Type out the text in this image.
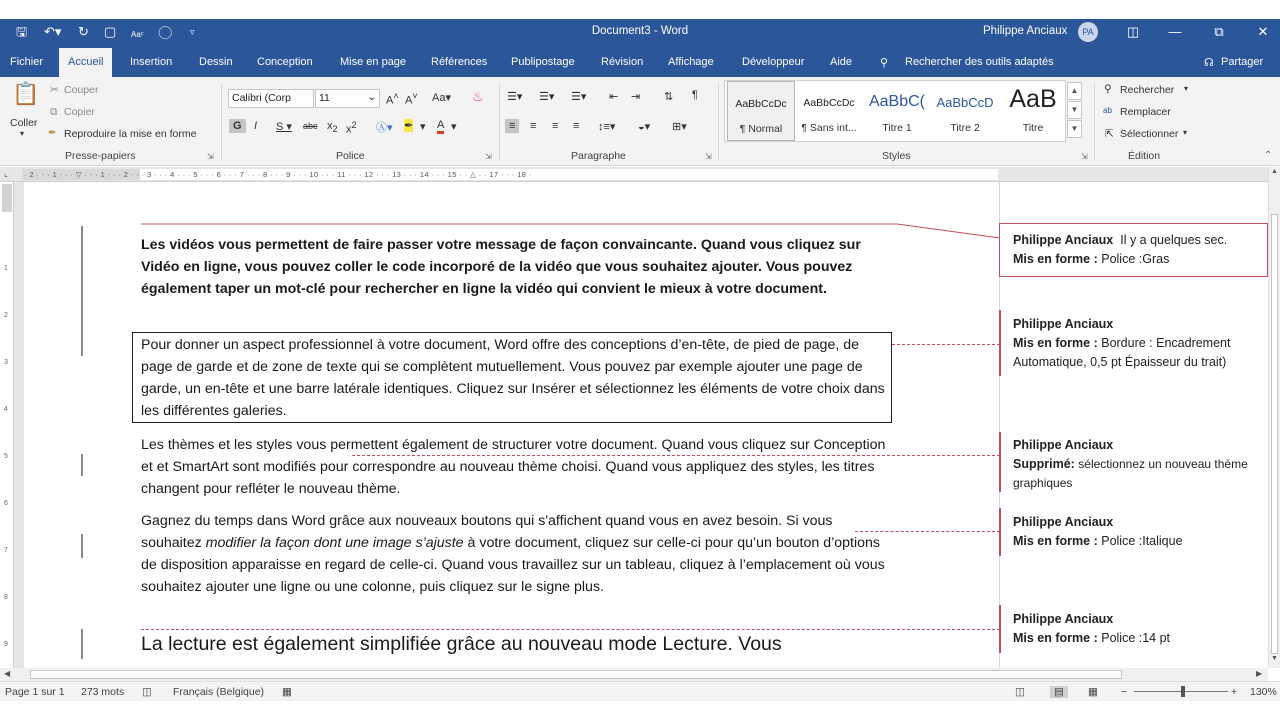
🖫 ↶▾ ↻ ▢ Aaᶜ ◯ ▿	Document3 - Word	Philippe Anciaux	PA	◫	—	⧉	✕
Fichier	Accueil	Insertion Dessin Conception Mise en page Références Publipostage Révision Affichage	Développeur Aide	⚲ Rechercher des outils adaptés	☊ Partager
📋
Coller
▾
✂ Couper
⧉ Copier
✒ Reproduire la mise en forme
Presse-papiers	⇲
Calibri (Corp	11	⌄ A˄ A˅ Aa▾ ♨
G	I S ▾ abc $x_2$ $x^2$ Ⓐ▾ ✒ ▾ A ▾
Police	⇲
☰▾ ☰▾ ☰▾ ⇤ ⇥ ⇅ ¶
≡	≡ ≡ ≡ ↕≡▾ ◒▾ ⊞▾
Paragraphe	⇲
AaBbCcDc
¶ Normal
AaBbCcDc
¶ Sans int...
AaBbC(
Titre 1
AaBbCcD
Titre 2
AaB
Titre
▲
▼
▼
Styles	⇲
⚲ Rechercher ▾
ab Remplacer
⇱ Sélectionner ▾
Édition	⌃
⌞ · 2 · · · 1 · · · ▽ · · · 1 · · · 2 · · · 3 · · · 4 · · · 5 · · · 6 · · · 7 · · · 8 · · · 9 · · · 10 · · · 11 · · · 12 · · · 13 · · · 14 · · · 15 · · △ · · 17 · · · 18 ·
1
2
3
4
5
6
7
8
9
Les vidéos vous permettent de faire passer votre message de façon convaincante. Quand vous cliquez sur Vidéo en ligne, vous pouvez coller le code incorporé de la vidéo que vous souhaitez ajouter. Vous pouvez également taper un mot-clé pour rechercher en ligne la vidéo qui convient le mieux à votre document.
Pour donner un aspect professionnel à votre document, Word offre des conceptions d’en-tête, de pied de page, de page de garde et de zone de texte qui se complètent mutuellement. Vous pouvez par exemple ajouter une page de garde, un en-tête et une barre latérale identiques. Cliquez sur Insérer et sélectionnez les éléments de votre choix dans les différentes galeries.
Les thèmes et les styles vous permettent également de structurer votre document. Quand vous cliquez sur Conception et et SmartArt sont modifiés pour correspondre au nouveau thème choisi. Quand vous appliquez des styles, les titres changent pour refléter le nouveau thème.
Gagnez du temps dans Word grâce aux nouveaux boutons qui s'affichent quand vous en avez besoin. Si vous souhaitez modifier la façon dont une image s’ajuste à votre document, cliquez sur celle-ci pour qu’un bouton d’options de disposition apparaisse en regard de celle-ci. Quand vous travaillez sur un tableau, cliquez à l’emplacement où vous souhaitez ajouter une ligne ou une colonne, puis cliquez sur le signe plus.
La lecture est également simplifiée grâce au nouveau mode Lecture. Vous
Philippe Anciaux Il y a quelques sec.
Mis en forme : Police :Gras
Philippe Anciaux
Mis en forme : Bordure : Encadrement
Automatique, 0,5 pt Épaisseur du trait)
Philippe Anciaux
Supprimé: sélectionnez un nouveau thème
graphiques
Philippe Anciaux
Mis en forme : Police :Italique
Philippe Anciaux
Mis en forme : Police :14 pt
▲
▼
◀	▶
Page 1 sur 1 273 mots ◫ Français (Belgique) ▦	◫	▤	▦ −	+ 130%
